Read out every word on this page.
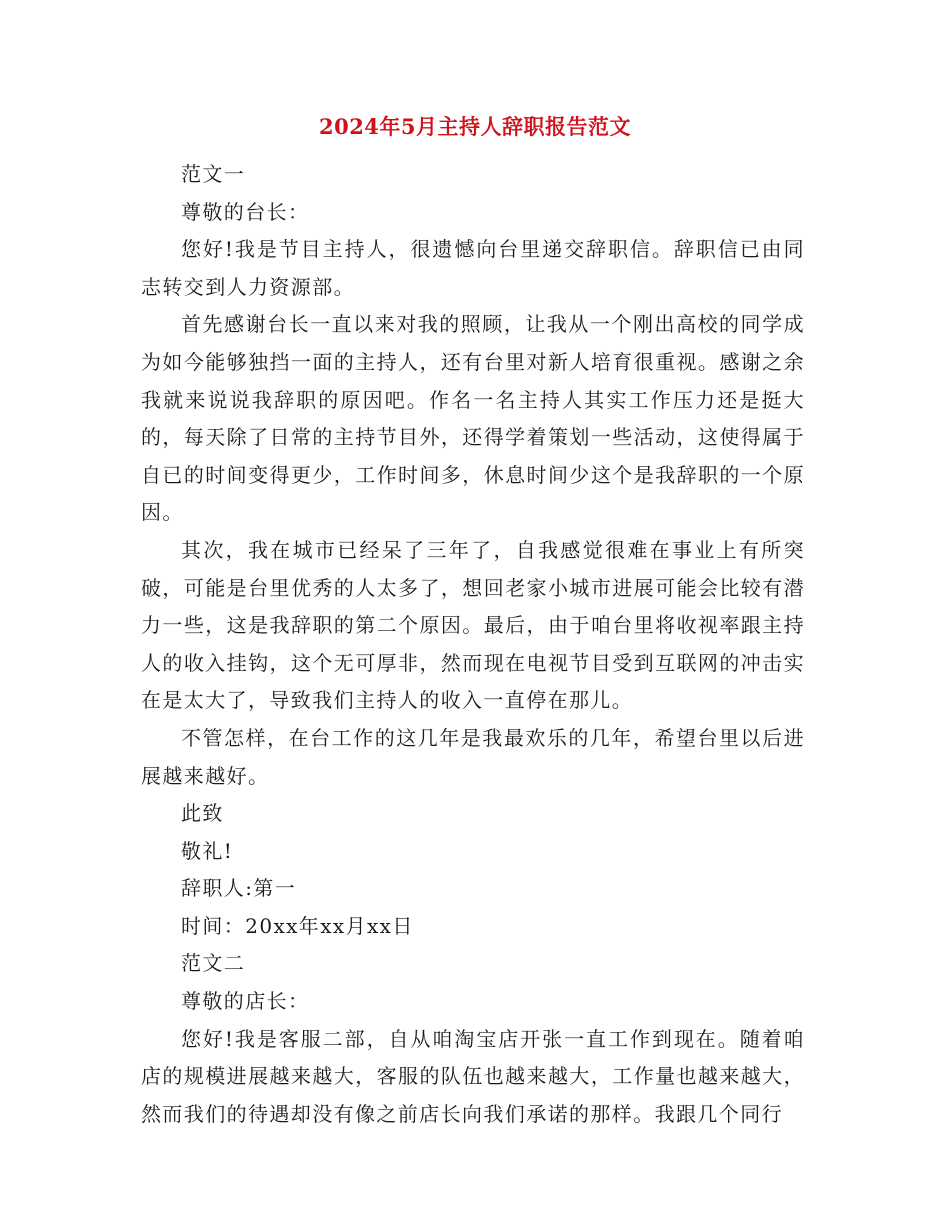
2024年5月主持人辞职报告范文

范文一

尊敬的台长：

您好!我是节目主持人，很遗憾向台里递交辞职信。辞职信已由同志转交到人力资源部。

首先感谢台长一直以来对我的照顾，让我从一个刚出高校的同学成为如今能够独挡一面的主持人，还有台里对新人培育很重视。感谢之余我就来说说我辞职的原因吧。作名一名主持人其实工作压力还是挺大的，每天除了日常的主持节目外，还得学着策划一些活动，这使得属于自已的时间变得更少，工作时间多，休息时间少这个是我辞职的一个原因。

其次，我在城市已经呆了三年了，自我感觉很难在事业上有所突破，可能是台里优秀的人太多了，想回老家小城市进展可能会比较有潜力一些，这是我辞职的第二个原因。最后，由于咱台里将收视率跟主持人的收入挂钩，这个无可厚非，然而现在电视节目受到互联网的冲击实在是太大了，导致我们主持人的收入一直停在那儿。

不管怎样，在台工作的这几年是我最欢乐的几年，希望台里以后进展越来越好。

此致

敬礼!

辞职人:第一

时间：20xx年xx月xx日

范文二

尊敬的店长：

您好!我是客服二部，自从咱淘宝店开张一直工作到现在。随着咱店的规模进展越来越大，客服的队伍也越来越大，工作量也越来越大，然而我们的待遇却没有像之前店长向我们承诺的那样。我跟几个同行
